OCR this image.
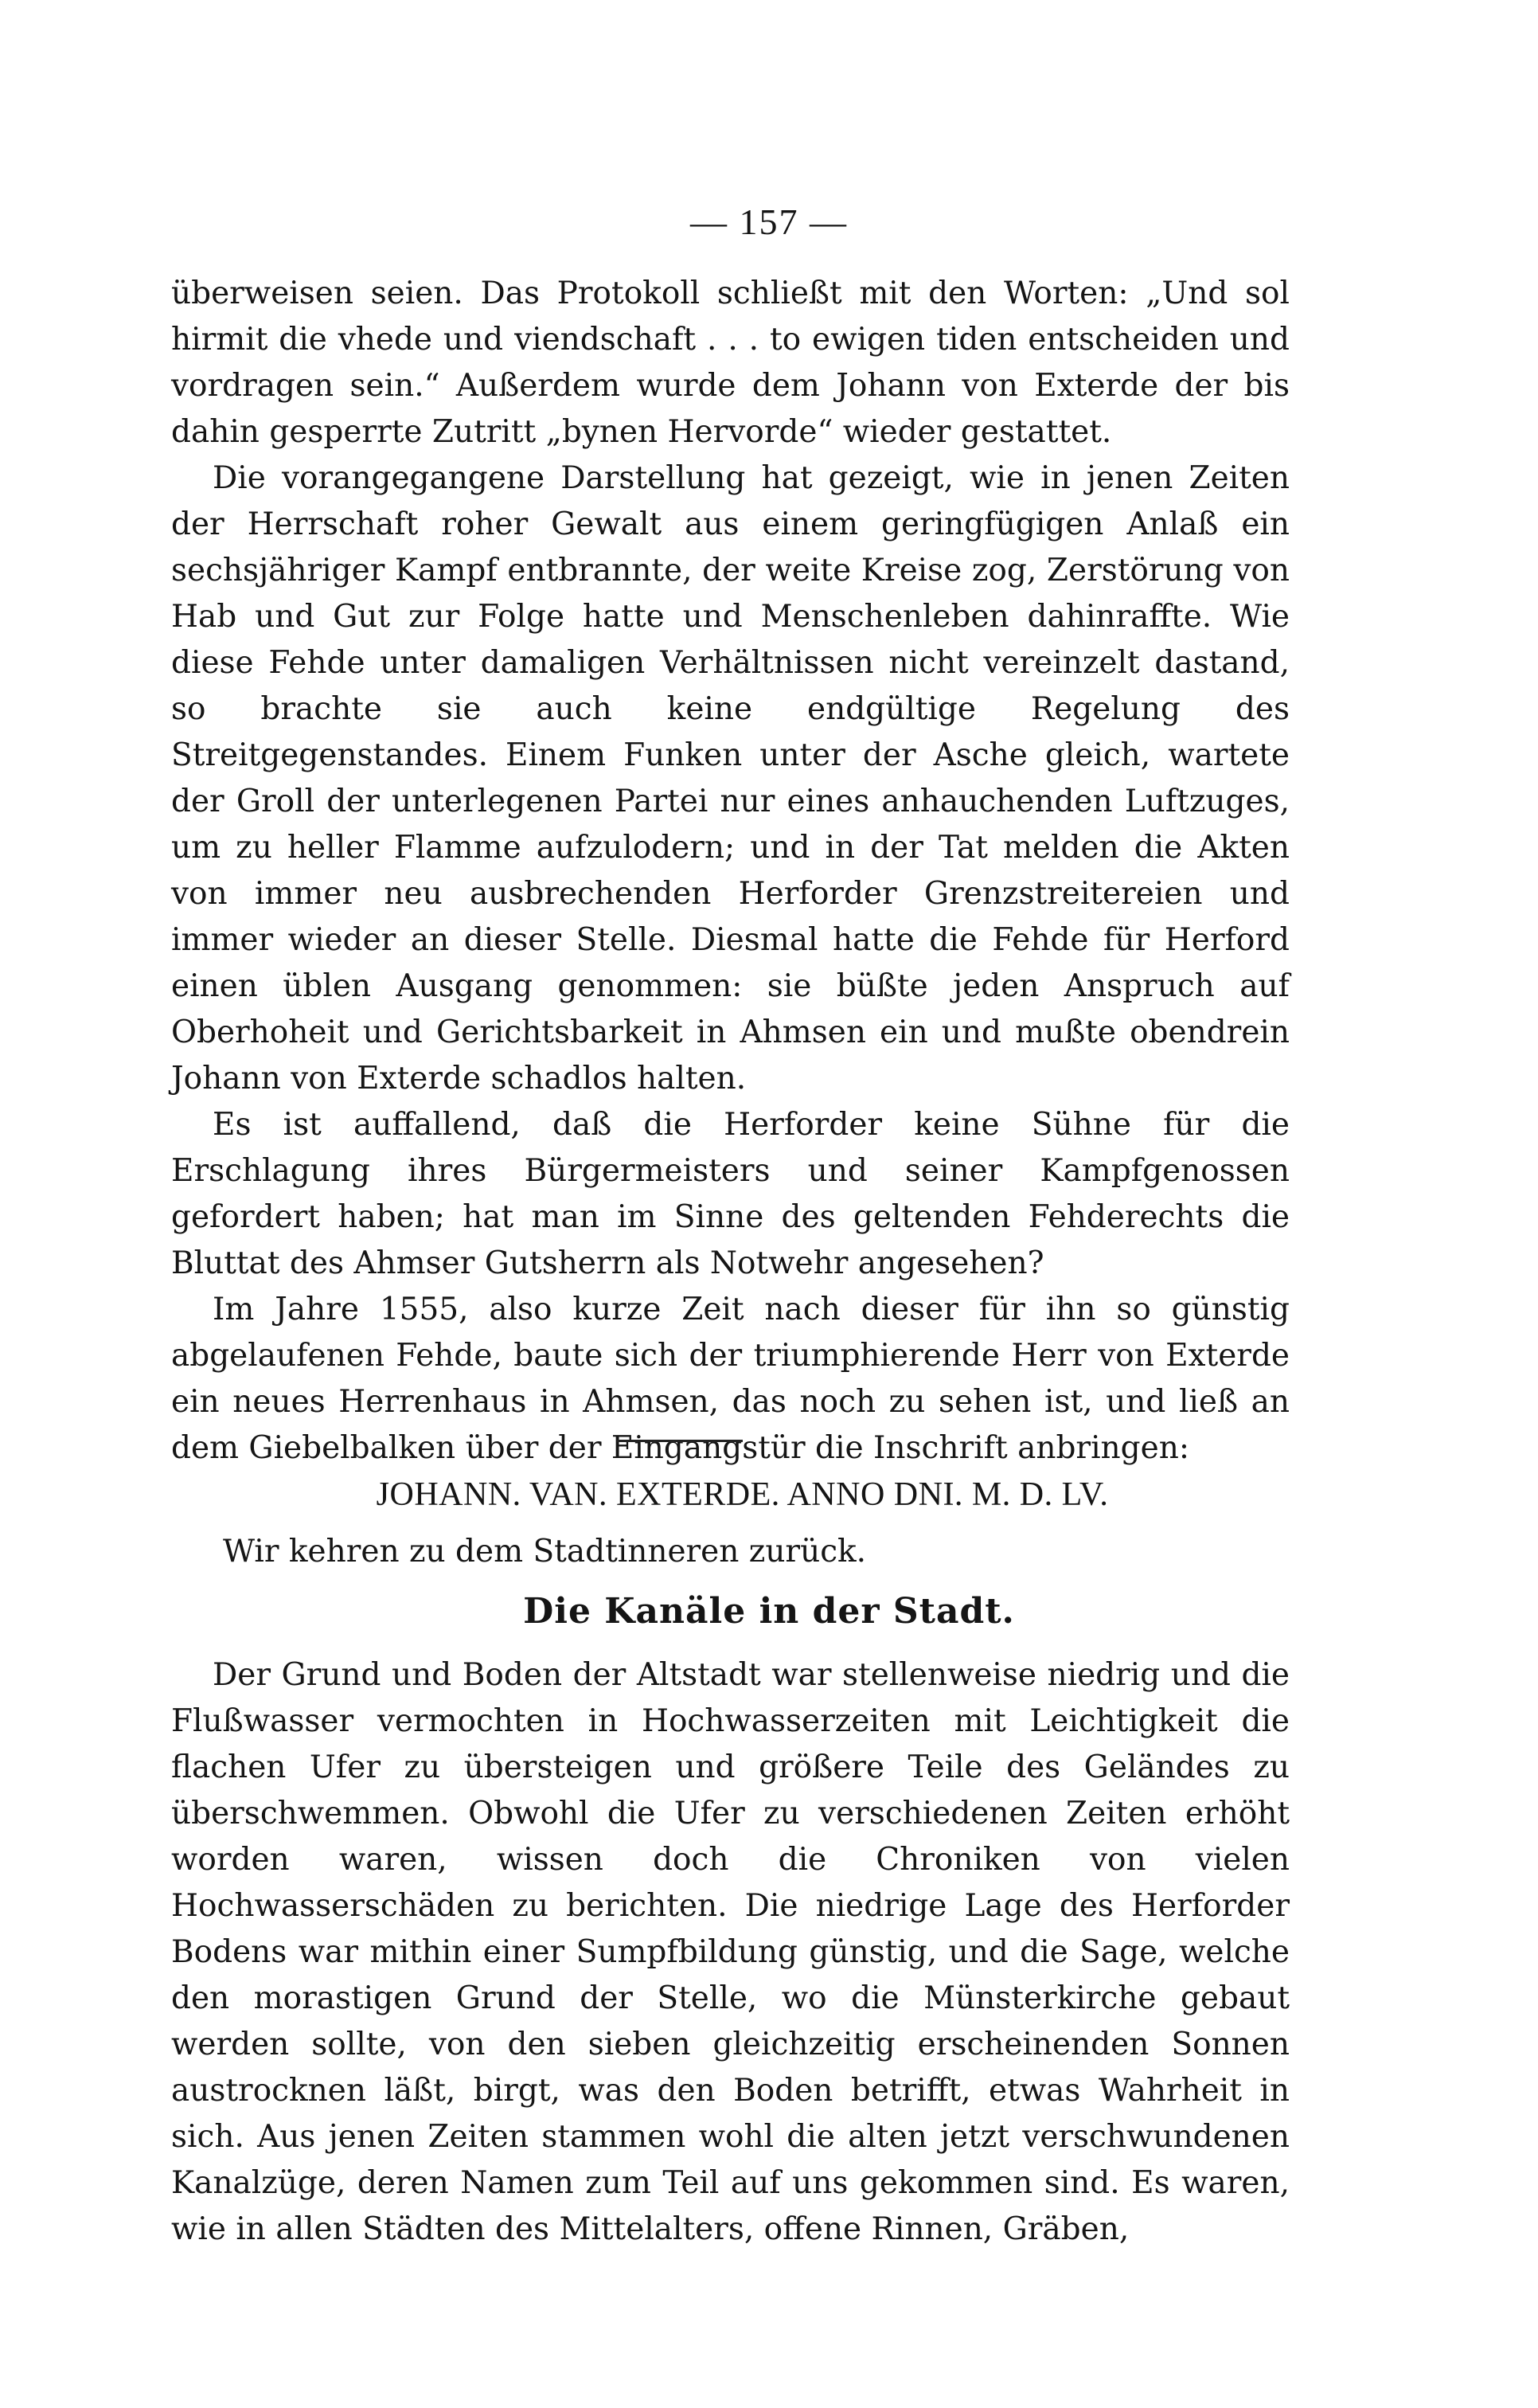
— 157 —

überweisen seien. Das Protokoll schließt mit den Worten: „Und sol hirmit die vhede und viendschaft . . . to ewigen tiden entscheiden und vordragen sein.“ Außerdem wurde dem Johann von Exterde der bis dahin gesperrte Zutritt „bynen Hervorde“ wieder gestattet.

Die vorangegangene Darstellung hat gezeigt, wie in jenen Zeiten der Herrschaft roher Gewalt aus einem geringfügigen Anlaß ein sechsjähriger Kampf entbrannte, der weite Kreise zog, Zerstörung von Hab und Gut zur Folge hatte und Menschenleben dahinraffte. Wie diese Fehde unter damaligen Verhältnissen nicht vereinzelt dastand, so brachte sie auch keine endgültige Regelung des Streitgegenstandes. Einem Funken unter der Asche gleich, wartete der Groll der unterlegenen Partei nur eines anhauchenden Luftzuges, um zu heller Flamme aufzulodern; und in der Tat melden die Akten von immer neu ausbrechenden Herforder Grenzstreitereien und immer wieder an dieser Stelle. Diesmal hatte die Fehde für Herford einen üblen Ausgang genommen: sie büßte jeden Anspruch auf Oberhoheit und Gerichtsbarkeit in Ahmsen ein und mußte obendrein Johann von Exterde schadlos halten.

Es ist auffallend, daß die Herforder keine Sühne für die Erschlagung ihres Bürgermeisters und seiner Kampfgenossen gefordert haben; hat man im Sinne des geltenden Fehderechts die Bluttat des Ahmser Gutsherrn als Notwehr angesehen?

Im Jahre 1555, also kurze Zeit nach dieser für ihn so günstig abgelaufenen Fehde, baute sich der triumphierende Herr von Exterde ein neues Herrenhaus in Ahmsen, das noch zu sehen ist, und ließ an dem Giebelbalken über der Eingangstür die Inschrift anbringen:

JOHANN. VAN. EXTERDE. ANNO DNI. M. D. LV.

Wir kehren zu dem Stadtinneren zurück.
Die Kanäle in der Stadt.

Der Grund und Boden der Altstadt war stellenweise niedrig und die Flußwasser vermochten in Hochwasserzeiten mit Leichtigkeit die flachen Ufer zu übersteigen und größere Teile des Geländes zu überschwemmen. Obwohl die Ufer zu verschiedenen Zeiten erhöht worden waren, wissen doch die Chroniken von vielen Hochwasserschäden zu berichten. Die niedrige Lage des Herforder Bodens war mithin einer Sumpfbildung günstig, und die Sage, welche den morastigen Grund der Stelle, wo die Münsterkirche gebaut werden sollte, von den sieben gleichzeitig erscheinenden Sonnen austrocknen läßt, birgt, was den Boden betrifft, etwas Wahrheit in sich. Aus jenen Zeiten stammen wohl die alten jetzt verschwundenen Kanalzüge, deren Namen zum Teil auf uns gekommen sind. Es waren, wie in allen Städten des Mittelalters, offene Rinnen, Gräben,
